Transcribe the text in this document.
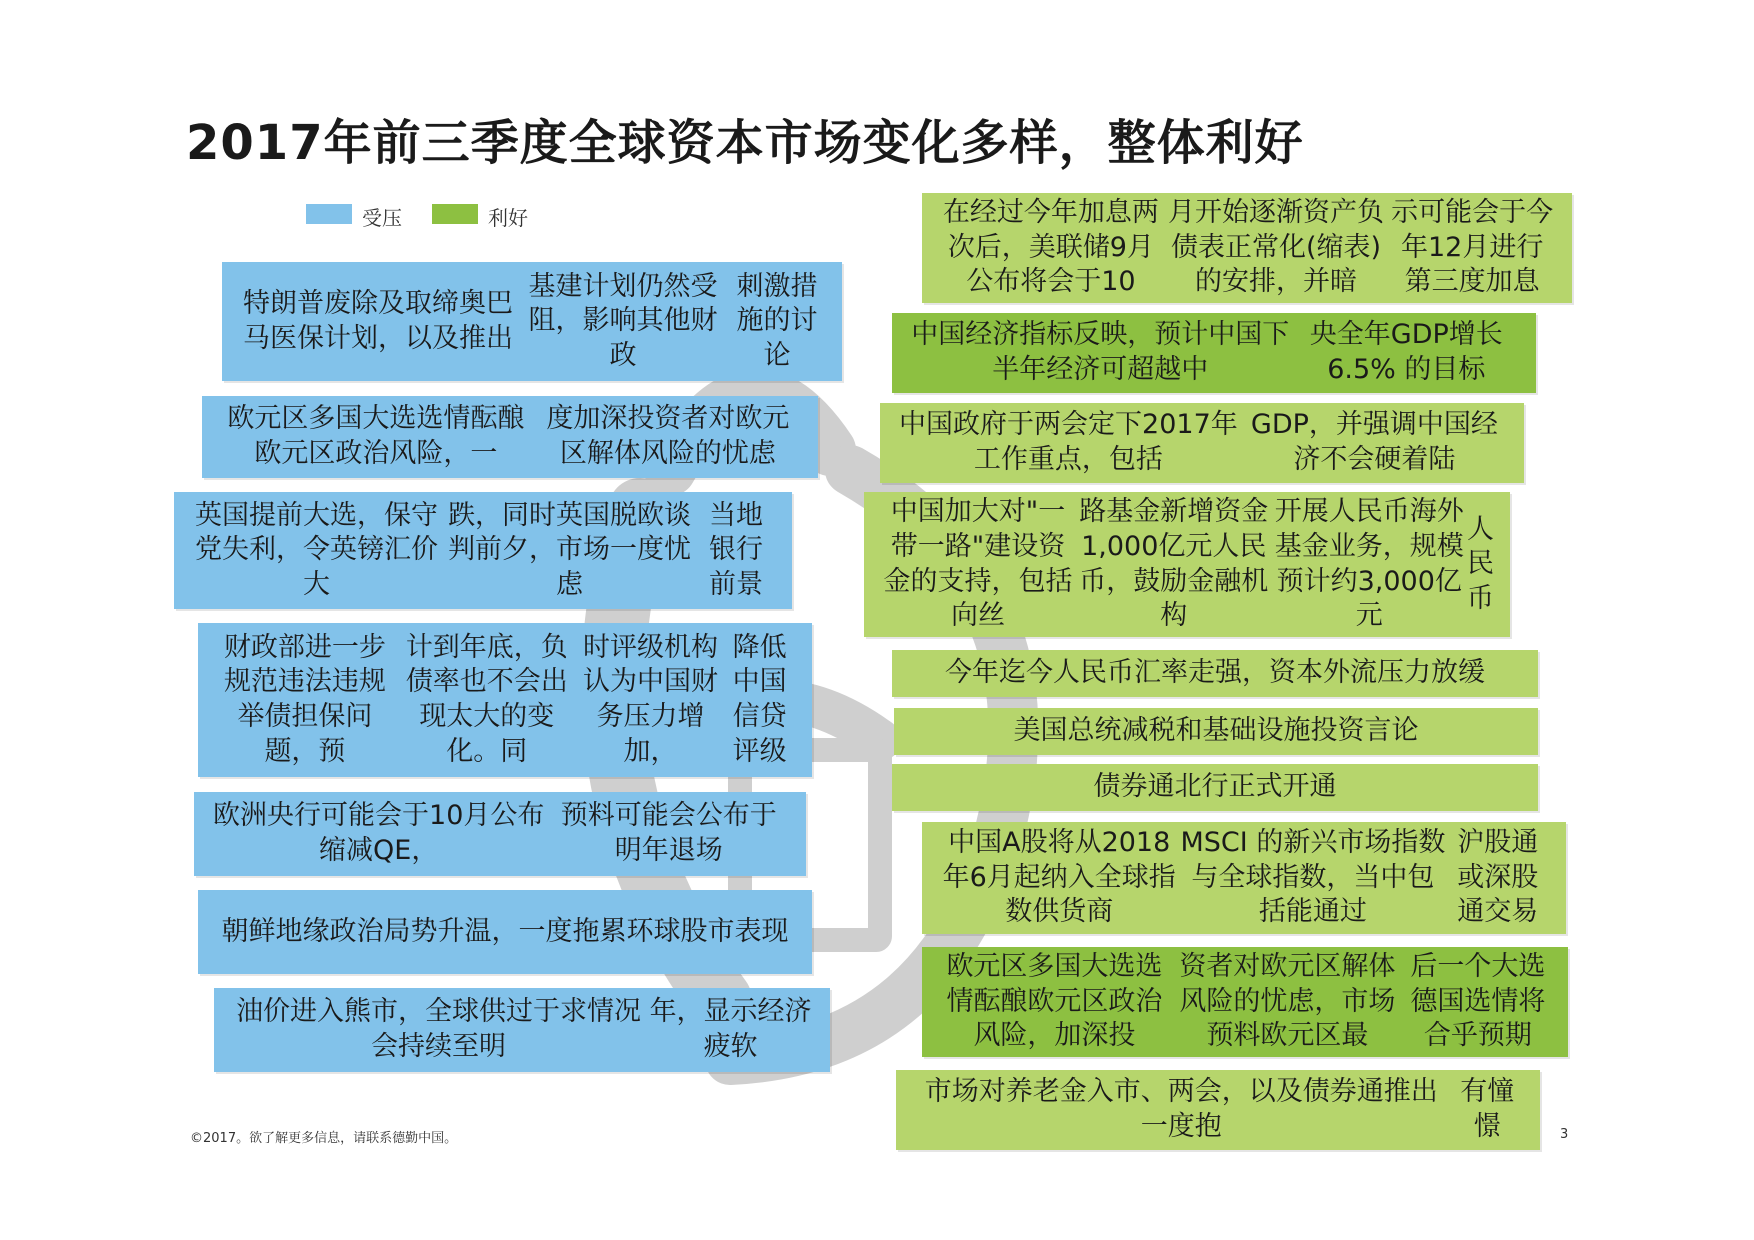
2017年前三季度全球资本市场变化多样，整体利好
受压	利好
特朗普废除及取缔奥巴马医保计划，以及推出
基建计划仍然受阻，影响其他财政
刺激措施的讨论
欧元区多国大选选情酝酿欧元区政治风险，一
度加深投资者对欧元区解体风险的忧虑
英国提前大选，保守党失利，令英镑汇价大
跌，同时英国脱欧谈判前夕，市场一度忧虑
当地银行前景
财政部进一步规范违法违规举债担保问题，预
计到年底，负债率也不会出现太大的变化。同
时评级机构认为中国财务压力增加，
降低中国信贷评级
欧洲央行可能会于10月公布缩减QE，
预料可能会公布于明年退场
朝鲜地缘政治局势升温， 一度拖累环球股市表现
油价进入熊市，全球供过于求情况会持续至明
年，显示经济疲软
在经过今年加息两次后，美联储9月公布将会于10
月开始逐渐资产负债表正常化(缩表)的安排，并暗
示可能会于今年12月进行第三度加息
中国经济指标反映，预计中国下半年经济可超越中
央全年GDP增长6.5% 的目标
中国政府于两会定下2017年工作重点，包括
GDP，并强调中国经济不会硬着陆
中国加大对"一带一路"建设资金的支持，包括向丝
路基金新增资金1,000亿元人民币，鼓励金融机构
开展人民币海外基金业务，规模预计约3,000亿元
人民币
今年迄今人民币汇率走强，资本外流压力放缓
美国总统减税和基础设施投资言论
债券通北行正式开通
中国A股将从2018年6月起纳入全球指数供货商
MSCI 的新兴市场指数与全球指数，当中包括能通过
沪股通或深股通交易
欧元区多国大选选情酝酿欧元区政治风险，加深投
资者对欧元区解体风险的忧虑，市场预料欧元区最
后一个大选德国选情将合乎预期
市场对养老金入市、两会，以及债券通推出一度抱
有憧憬
©2017。欲了解更多信息，请联系德勤中国。	3
